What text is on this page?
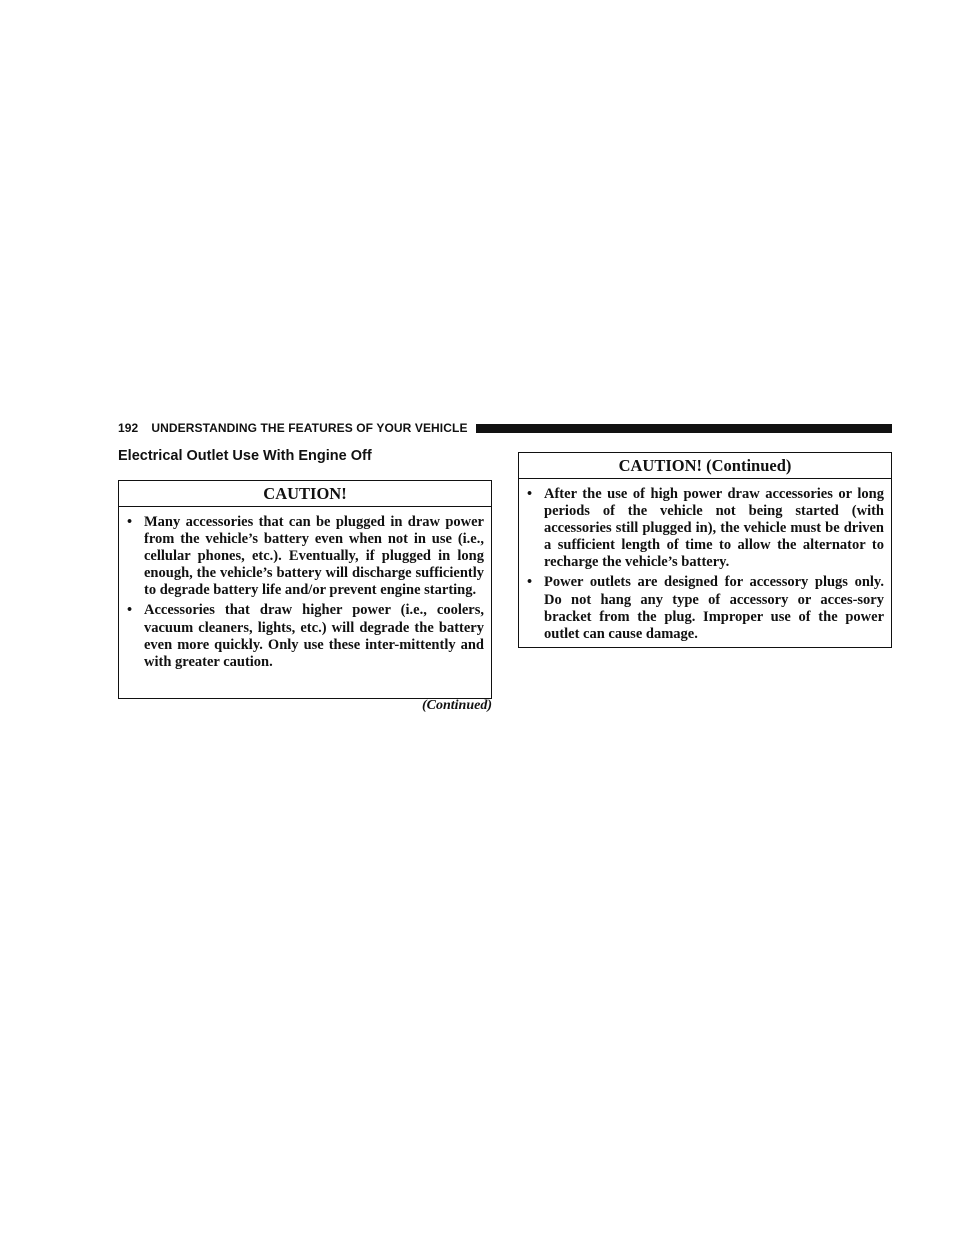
192 UNDERSTANDING THE FEATURES OF YOUR VEHICLE
Electrical Outlet Use With Engine Off
CAUTION!
• Many accessories that can be plugged in draw power from the vehicle’s battery even when not in use (i.e., cellular phones, etc.). Eventually, if plugged in long enough, the vehicle’s battery will discharge sufficiently to degrade battery life and/or prevent engine starting.
• Accessories that draw higher power (i.e., coolers, vacuum cleaners, lights, etc.) will degrade the battery even more quickly. Only use these inter-mittently and with greater caution.
(Continued)
CAUTION! (Continued)
• After the use of high power draw accessories or long periods of the vehicle not being started (with accessories still plugged in), the vehicle must be driven a sufficient length of time to allow the alternator to recharge the vehicle’s battery.
• Power outlets are designed for accessory plugs only. Do not hang any type of accessory or acces-sory bracket from the plug. Improper use of the power outlet can cause damage.
